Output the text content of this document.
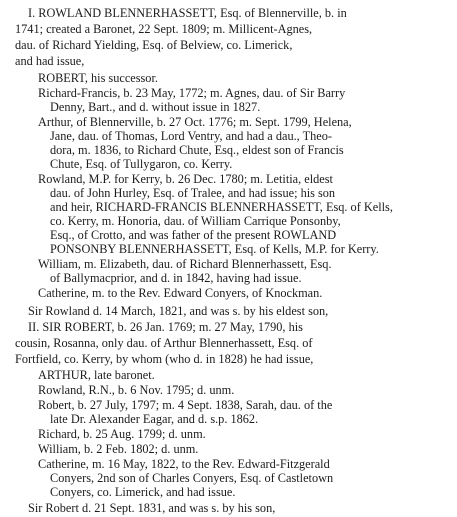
I. ROWLAND BLENNERHASSETT, Esq. of Blennerville, b. in

1741; created a Baronet, 22 Sept. 1809; m. Millicent-Agnes,

dau. of Richard Yielding, Esq. of Belview, co. Limerick,

and had issue,

ROBERT, his successor.

Richard-Francis, b. 23 May, 1772; m. Agnes, dau. of Sir Barry

Denny, Bart., and d. without issue in 1827.

Arthur, of Blennerville, b. 27 Oct. 1776; m. Sept. 1799, Helena,

Jane, dau. of Thomas, Lord Ventry, and had a dau., Theo-

dora, m. 1836, to Richard Chute, Esq., eldest son of Francis

Chute, Esq. of Tullygaron, co. Kerry.

Rowland, M.P. for Kerry, b. 26 Dec. 1780; m. Letitia, eldest

dau. of John Hurley, Esq. of Tralee, and had issue; his son

and heir, RICHARD-FRANCIS BLENNERHASSETT, Esq. of Kells,

co. Kerry, m. Honoria, dau. of William Carrique Ponsonby,

Esq., of Crotto, and was father of the present ROWLAND

PONSONBY BLENNERHASSETT, Esq. of Kells, M.P. for Kerry.

William, m. Elizabeth, dau. of Richard Blennerhassett, Esq.

of Ballymacprior, and d. in 1842, having had issue.

Catherine, m. to the Rev. Edward Conyers, of Knockman.

Sir Rowland d. 14 March, 1821, and was s. by his eldest son,

II. SIR ROBERT, b. 26 Jan. 1769; m. 27 May, 1790, his

cousin, Rosanna, only dau. of Arthur Blennerhassett, Esq. of

Fortfield, co. Kerry, by whom (who d. in 1828) he had issue,

ARTHUR, late baronet.

Rowland, R.N., b. 6 Nov. 1795; d. unm.

Robert, b. 27 July, 1797; m. 4 Sept. 1838, Sarah, dau. of the

late Dr. Alexander Eagar, and d. s.p. 1862.

Richard, b. 25 Aug. 1799; d. unm.

William, b. 2 Feb. 1802; d. unm.

Catherine, m. 16 May, 1822, to the Rev. Edward-Fitzgerald

Conyers, 2nd son of Charles Conyers, Esq. of Castletown

Conyers, co. Limerick, and had issue.

Sir Robert d. 21 Sept. 1831, and was s. by his son,
